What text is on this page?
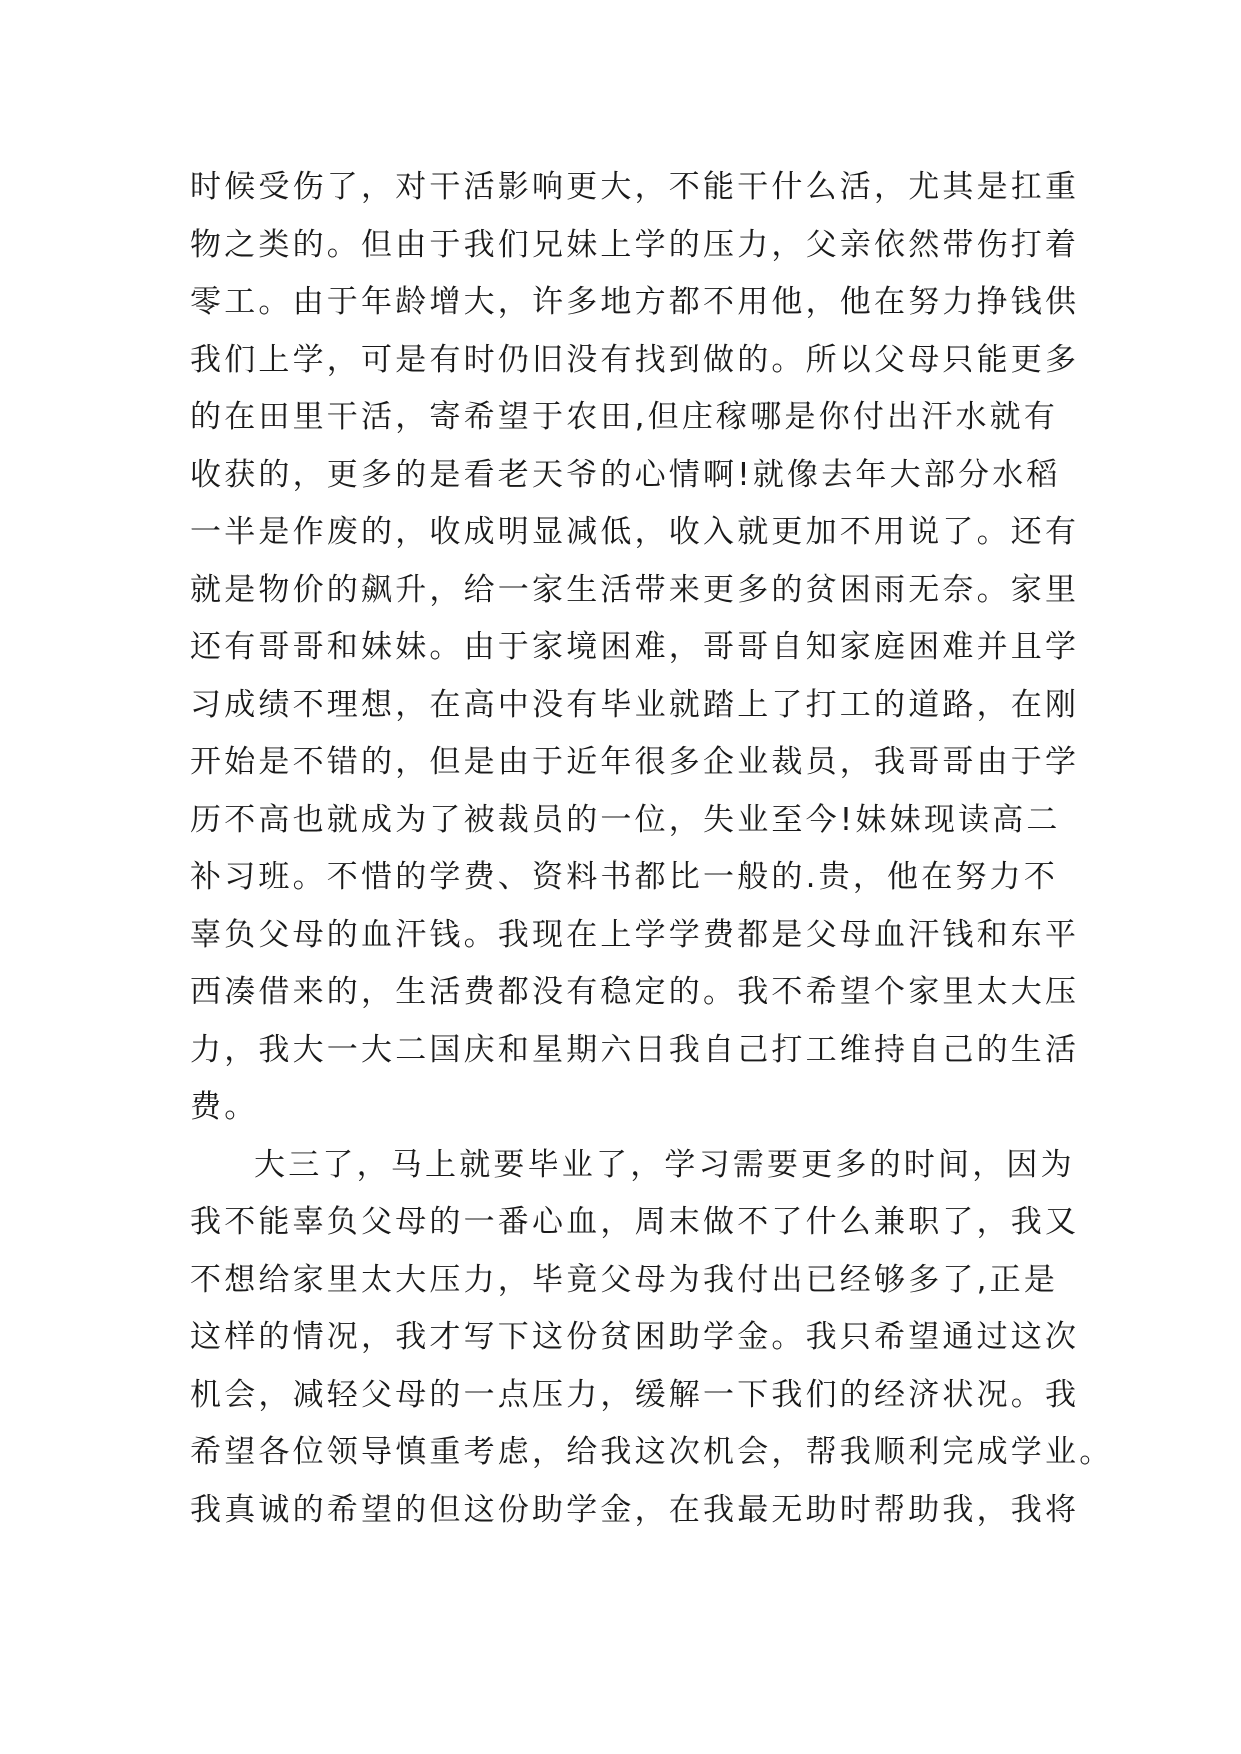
时候受伤了，对干活影响更大，不能干什么活，尤其是扛重
物之类的。但由于我们兄妹上学的压力，父亲依然带伤打着
零工。由于年龄增大，许多地方都不用他，他在努力挣钱供
我们上学，可是有时仍旧没有找到做的。所以父母只能更多
的在田里干活，寄希望于农田,但庄稼哪是你付出汗水就有
收获的，更多的是看老天爷的心情啊!就像去年大部分水稻
一半是作废的，收成明显减低，收入就更加不用说了。还有
就是物价的飙升，给一家生活带来更多的贫困雨无奈。家里
还有哥哥和妹妹。由于家境困难，哥哥自知家庭困难并且学
习成绩不理想，在高中没有毕业就踏上了打工的道路，在刚
开始是不错的，但是由于近年很多企业裁员，我哥哥由于学
历不高也就成为了被裁员的一位，失业至今!妹妹现读高二
补习班。不惜的学费、资料书都比一般的.贵，他在努力不
辜负父母的血汗钱。我现在上学学费都是父母血汗钱和东平
西凑借来的，生活费都没有稳定的。我不希望个家里太大压
力，我大一大二国庆和星期六日我自己打工维持自己的生活
费。
大三了，马上就要毕业了，学习需要更多的时间，因为
我不能辜负父母的一番心血，周末做不了什么兼职了，我又
不想给家里太大压力，毕竟父母为我付出已经够多了,正是
这样的情况，我才写下这份贫困助学金。我只希望通过这次
机会，减轻父母的一点压力，缓解一下我们的经济状况。我
希望各位领导慎重考虑，给我这次机会，帮我顺利完成学业。
我真诚的希望的但这份助学金，在我最无助时帮助我，我将
